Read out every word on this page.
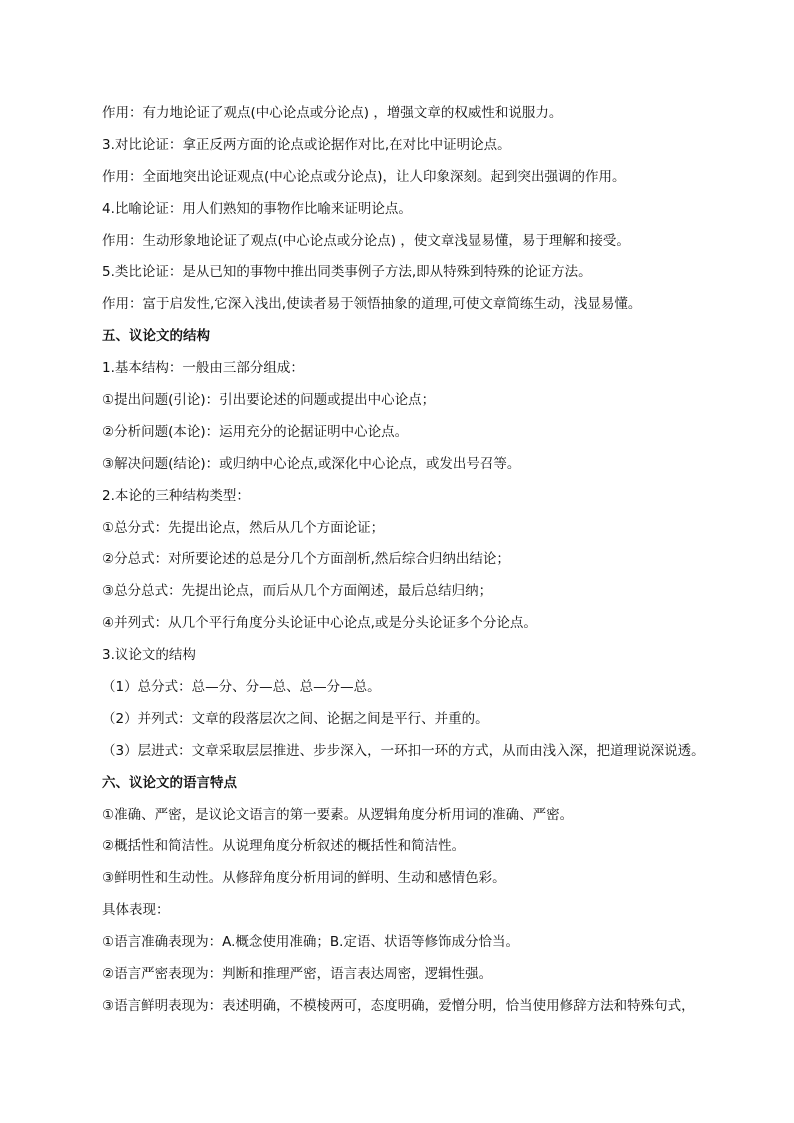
作用：有力地论证了观点(中心论点或分论点) ，增强文章的权威性和说服力。
3.对比论证：拿正反两方面的论点或论据作对比,在对比中证明论点。
作用：全面地突出论证观点(中心论点或分论点)，让人印象深刻。起到突出强调的作用。
4.比喻论证：用人们熟知的事物作比喻来证明论点。
作用：生动形象地论证了观点(中心论点或分论点) ，使文章浅显易懂，易于理解和接受。
5.类比论证：是从已知的事物中推出同类事例子方法,即从特殊到特殊的论证方法。
作用：富于启发性,它深入浅出,使读者易于领悟抽象的道理,可使文章简练生动，浅显易懂。
五、议论文的结构
1.基本结构：一般由三部分组成：
①提出问题(引论)：引出要论述的问题或提出中心论点；
②分析问题(本论)：运用充分的论据证明中心论点。
③解决问题(结论)：或归纳中心论点,或深化中心论点，或发出号召等。
2.本论的三种结构类型：
①总分式：先提出论点，然后从几个方面论证；
②分总式：对所要论述的总是分几个方面剖析,然后综合归纳出结论；
③总分总式：先提出论点，而后从几个方面阐述，最后总结归纳；
④并列式：从几个平行角度分头论证中心论点,或是分头论证多个分论点。
3.议论文的结构
（1）总分式：总—分、分—总、总—分—总。
（2）并列式：文章的段落层次之间、论据之间是平行、并重的。
（3）层进式：文章采取层层推进、步步深入，一环扣一环的方式，从而由浅入深，把道理说深说透。
六、议论文的语言特点
①准确、严密，是议论文语言的第一要素。从逻辑角度分析用词的准确、严密。
②概括性和简洁性。从说理角度分析叙述的概括性和简洁性。
③鲜明性和生动性。从修辞角度分析用词的鲜明、生动和感情色彩。
具体表现：
①语言准确表现为：A.概念使用准确；B.定语、状语等修饰成分恰当。
②语言严密表现为：判断和推理严密，语言表达周密，逻辑性强。
③语言鲜明表现为：表述明确，不模棱两可，态度明确，爱憎分明，恰当使用修辞方法和特殊句式，
